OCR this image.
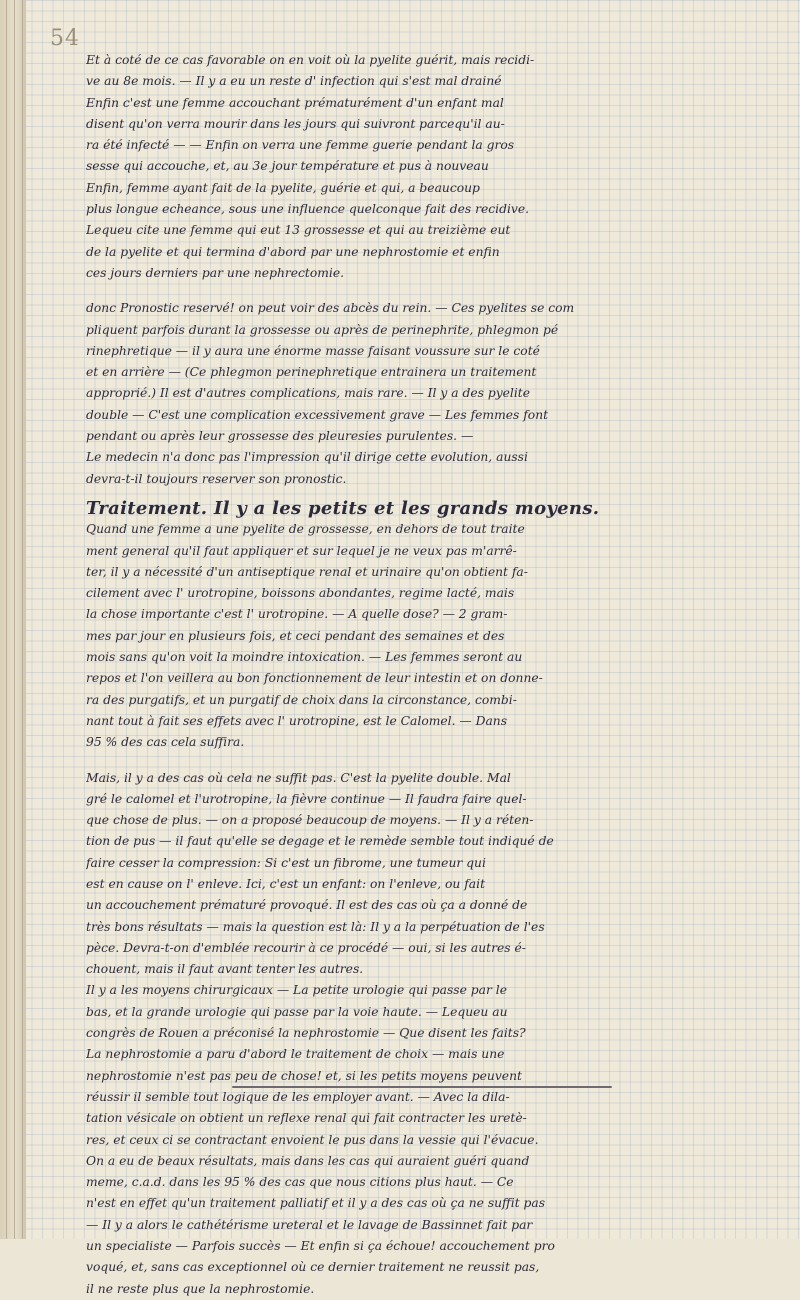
54
Et à coté de ce cas favorable on en voit où la pyelite guérit, mais recidi-
ve au 8e mois. — Il y a eu un reste d' infection qui s'est mal drainé
Enfin c'est une femme accouchant prématurément d'un enfant mal
disent qu'on verra mourir dans les jours qui suivront parcequ'il au-
ra été infecté — — Enfin on verra une femme guerie pendant la gros
sesse qui accouche, et, au 3e jour température et pus à nouveau
Enfin, femme ayant fait de la pyelite, guérie et qui, a beaucoup
plus longue echeance, sous une influence quelconque fait des recidive.
Lequeu cite une femme qui eut 13 grossesse et qui au treizième eut
de la pyelite et qui termina d'abord par une nephrostomie et enfin
ces jours derniers par une nephrectomie.
donc Pronostic reservé! on peut voir des abcès du rein. — Ces pyelites se com
pliquent parfois durant la grossesse ou après de perinephrite, phlegmon pé
rinephretique — il y aura une énorme masse faisant voussure sur le coté
et en arrière — (Ce phlegmon perinephretique entrainera un traitement
approprié.) Il est d'autres complications, mais rare. — Il y a des pyelite
double — C'est une complication excessivement grave — Les femmes font
pendant ou après leur grossesse des pleuresies purulentes. —
Le medecin n'a donc pas l'impression qu'il dirige cette evolution, aussi
devra-t-il toujours reserver son pronostic.
Traitement. Il y a les petits et les grands moyens.
Quand une femme a une pyelite de grossesse, en dehors de tout traite
ment general qu'il faut appliquer et sur lequel je ne veux pas m'arrê-
ter, il y a nécessité d'un antiseptique renal et urinaire qu'on obtient fa-
cilement avec l' urotropine, boissons abondantes, regime lacté, mais
la chose importante c'est l' urotropine. — A quelle dose? — 2 gram-
mes par jour en plusieurs fois, et ceci pendant des semaines et des
mois sans qu'on voit la moindre intoxication. — Les femmes seront au
repos et l'on veillera au bon fonctionnement de leur intestin et on donne-
ra des purgatifs, et un purgatif de choix dans la circonstance, combi-
nant tout à fait ses effets avec l' urotropine, est le Calomel. — Dans
95 % des cas cela suffira.
Mais, il y a des cas où cela ne suffit pas. C'est la pyelite double. Mal
gré le calomel et l'urotropine, la fièvre continue — Il faudra faire quel-
que chose de plus. — on a proposé beaucoup de moyens. — Il y a réten-
tion de pus — il faut qu'elle se degage et le remède semble tout indiqué de
faire cesser la compression: Si c'est un fibrome, une tumeur qui
est en cause on l' enleve. Ici, c'est un enfant: on l'enleve, ou fait
un accouchement prématuré provoqué. Il est des cas où ça a donné de
très bons résultats — mais la question est là: Il y a la perpétuation de l'es
pèce. Devra-t-on d'emblée recourir à ce procédé — oui, si les autres é-
chouent, mais il faut avant tenter les autres.
Il y a les moyens chirurgicaux — La petite urologie qui passe par le
bas, et la grande urologie qui passe par la voie haute. — Lequeu au
congrès de Rouen a préconisé la nephrostomie — Que disent les faits?
La nephrostomie a paru d'abord le traitement de choix — mais une
nephrostomie n'est pas peu de chose! et, si les petits moyens peuvent
réussir il semble tout logique de les employer avant. — Avec la dila-
tation vésicale on obtient un reflexe renal qui fait contracter les uretè-
res, et ceux ci se contractant envoient le pus dans la vessie qui l'évacue.
On a eu de beaux résultats, mais dans les cas qui auraient guéri quand
meme, c.a.d. dans les 95 % des cas que nous citions plus haut. — Ce
n'est en effet qu'un traitement palliatif et il y a des cas où ça ne suffit pas
— Il y a alors le cathétérisme ureteral et le lavage de Bassinnet fait par
un specialiste — Parfois succès — Et enfin si ça échoue! accouchement pro
voqué, et, sans cas exceptionnel où ce dernier traitement ne reussit pas,
il ne reste plus que la nephrostomie.
